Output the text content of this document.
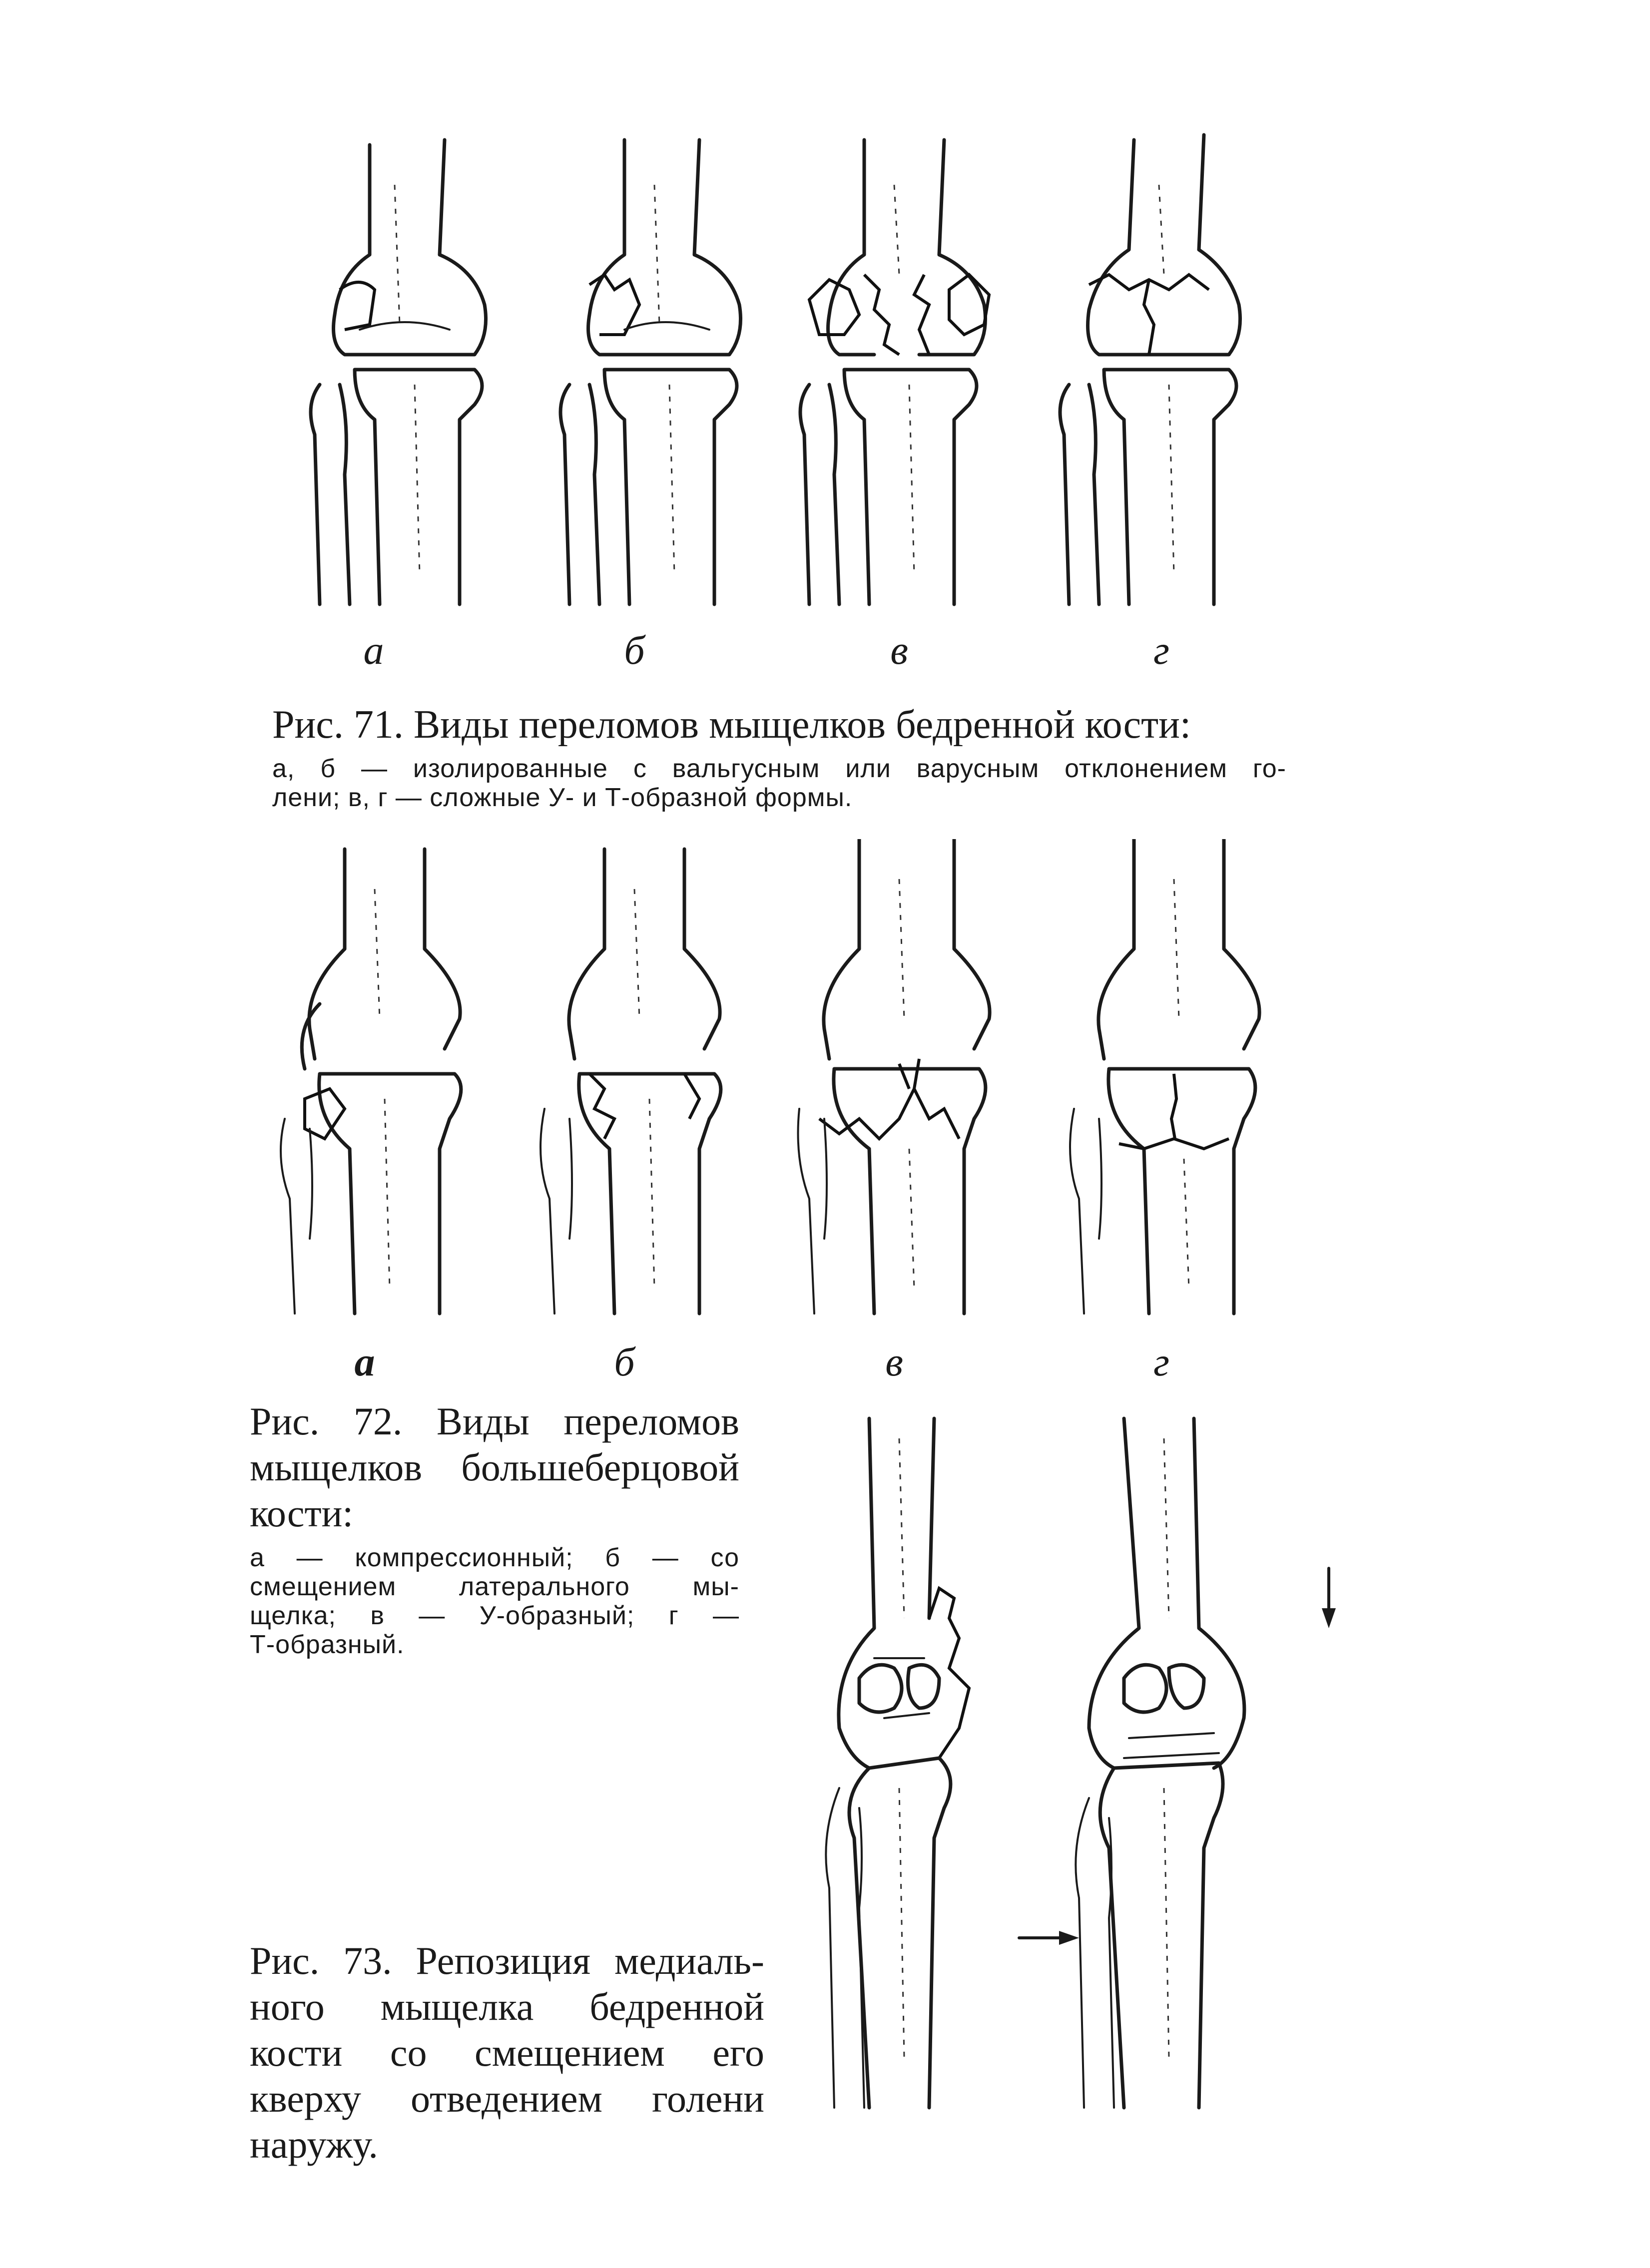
а	б	в	г
Рис. 71. Виды переломов мыщелков бедренной кости:
а, б — изолированные с вальгусным или варусным отклонением го-
лени; в, г — сложные У- и Т-образной формы.
а	б	в	г
Рис. 72. Виды переломов
мыщелков большеберцовой
кости:
а — компрессионный; б — со
смещением латерального мы-
щелка; в — У-образный; г —
Т-образный.
Рис. 73. Репозиция медиаль-
ного мыщелка бедренной
кости со смещением его
кверху отведением голени
наружу.
